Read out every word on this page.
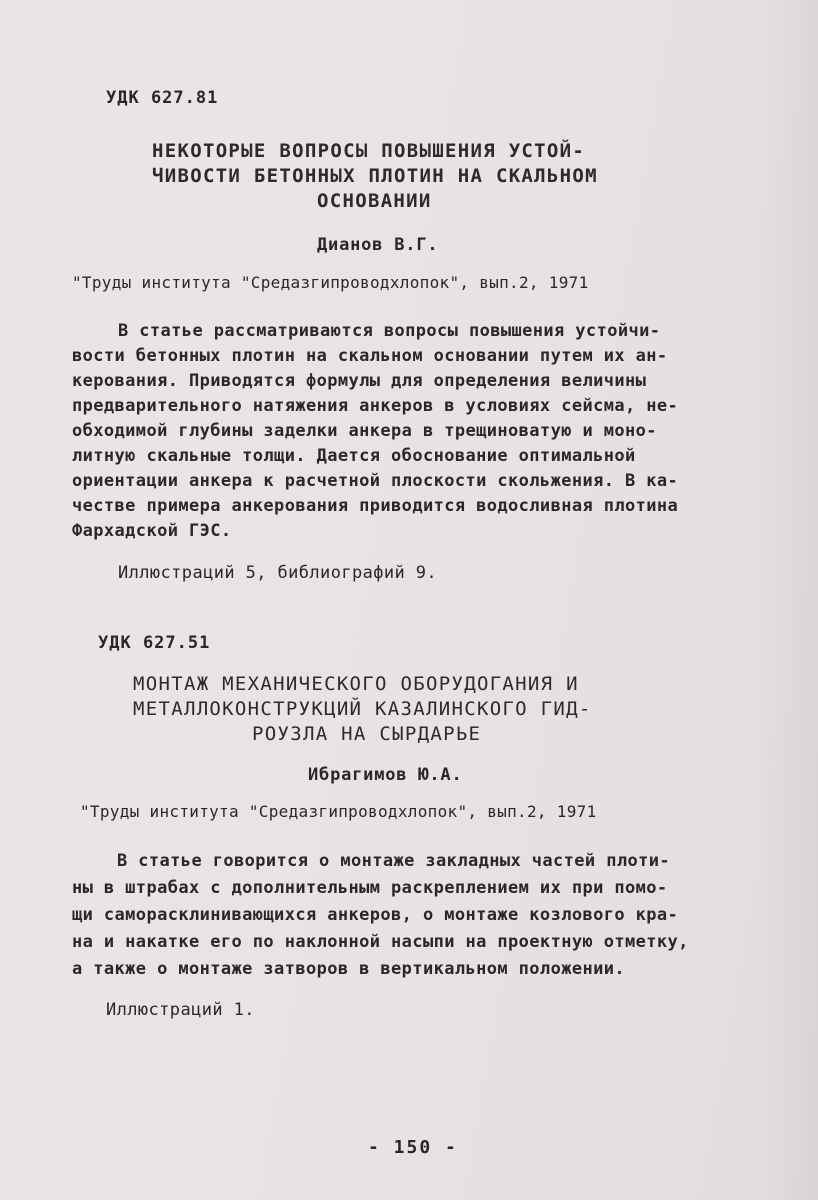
УДК 627.81
НЕКОТОРЫЕ ВОПРОСЫ ПОВЫШЕНИЯ УСТОЙ-
ЧИВОСТИ БЕТОННЫХ ПЛОТИН НА СКАЛЬНОМ
ОСНОВАНИИ
Дианов В.Г.
"Труды института "Средазгипроводхлопок", вып.2, 1971
В статье рассматриваются вопросы повышения устойчи-
вости бетонных плотин на скальном основании путем их ан-
керования. Приводятся формулы для определения величины
предварительного натяжения анкеров в условиях сейсма, не-
обходимой глубины заделки анкера в трещиноватую и моно-
литную скальные толщи. Дается обоснование оптимальной
ориентации анкера к расчетной плоскости скольжения. В ка-
честве примера анкерования приводится водосливная плотина
Фархадской ГЭС.
Иллюстраций 5, библиографий 9.
УДК 627.51
МОНТАЖ МЕХАНИЧЕСКОГО ОБОРУДОГАНИЯ И
МЕТАЛЛОКОНСТРУКЦИЙ КАЗАЛИНСКОГО ГИД-
РОУЗЛА НА СЫРДАРЬЕ
Ибрагимов Ю.А.
"Труды института "Средазгипроводхлопок", вып.2, 1971
В статье говорится о монтаже закладных частей плоти-
ны в штрабах с дополнительным раскреплением их при помо-
щи саморасклинивающихся анкеров, о монтаже козлового кра-
на и накатке его по наклонной насыпи на проектную отметку,
а также о монтаже затворов в вертикальном положении.
Иллюстраций 1.
- 150 -
